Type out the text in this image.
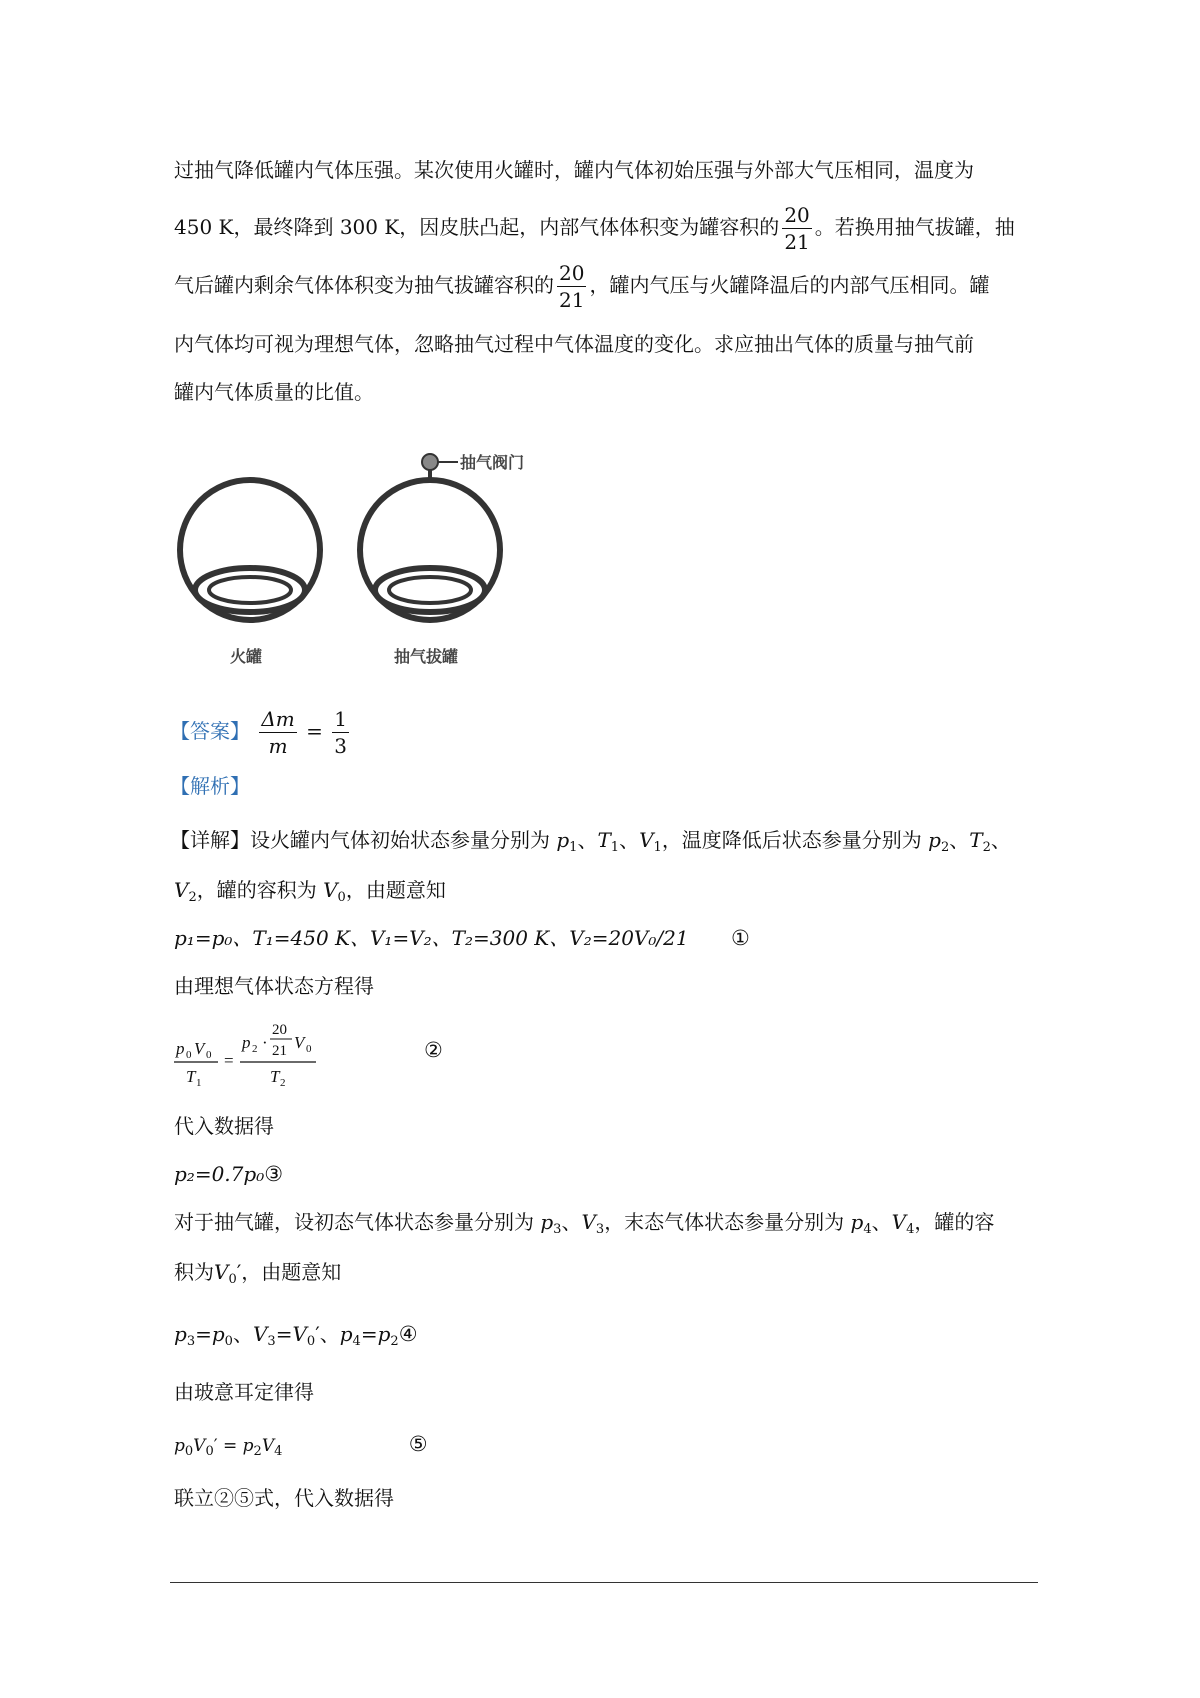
过抽气降低罐内气体压强。某次使用火罐时，罐内气体初始压强与外部大气压相同，温度为
450 K，最终降到 300 K，因皮肤凸起，内部气体体积变为罐容积的 $\frac{20}{21}$ 。若换用抽气拔罐，抽
气后罐内剩余气体体积变为抽气拔罐容积的 $\frac{20}{21}$ ，罐内气压与火罐降温后的内部气压相同。罐
内气体均可视为理想气体，忽略抽气过程中气体温度的变化。求应抽出气体的质量与抽气前
罐内气体质量的比值。
抽气阀门
火罐	抽气拔罐
【答案】 $\frac{\Delta m}{m} = \frac{1}{3}$
【解析】
【详解】设火罐内气体初始状态参量分别为 $p_1$、$T_1$、$V_1$，温度降低后状态参量分别为 $p_2$、$T_2$、
$V_2$，罐的容积为 $V_0$，由题意知
p₁=p₀、T₁=450 K、V₁=V₂、T₂=300 K、V₂=20V₀/21 ①
由理想气体状态方程得
p 0 V 0
T 1
=
p 2 ·
20
21 V 0
T 2
②
代入数据得
p₂=0.7p₀③
对于抽气罐，设初态气体状态参量分别为 $p_3$、$V_3$，末态气体状态参量分别为 $p_4$、$V_4$，罐的容
积为$V_0'$，由题意知
$p_3=p_0$、$V_3=V_0'$、$p_4=p_2④$
由玻意耳定律得
$p_0V_0' = p_2V_4$	⑤
联立②⑤式，代入数据得
